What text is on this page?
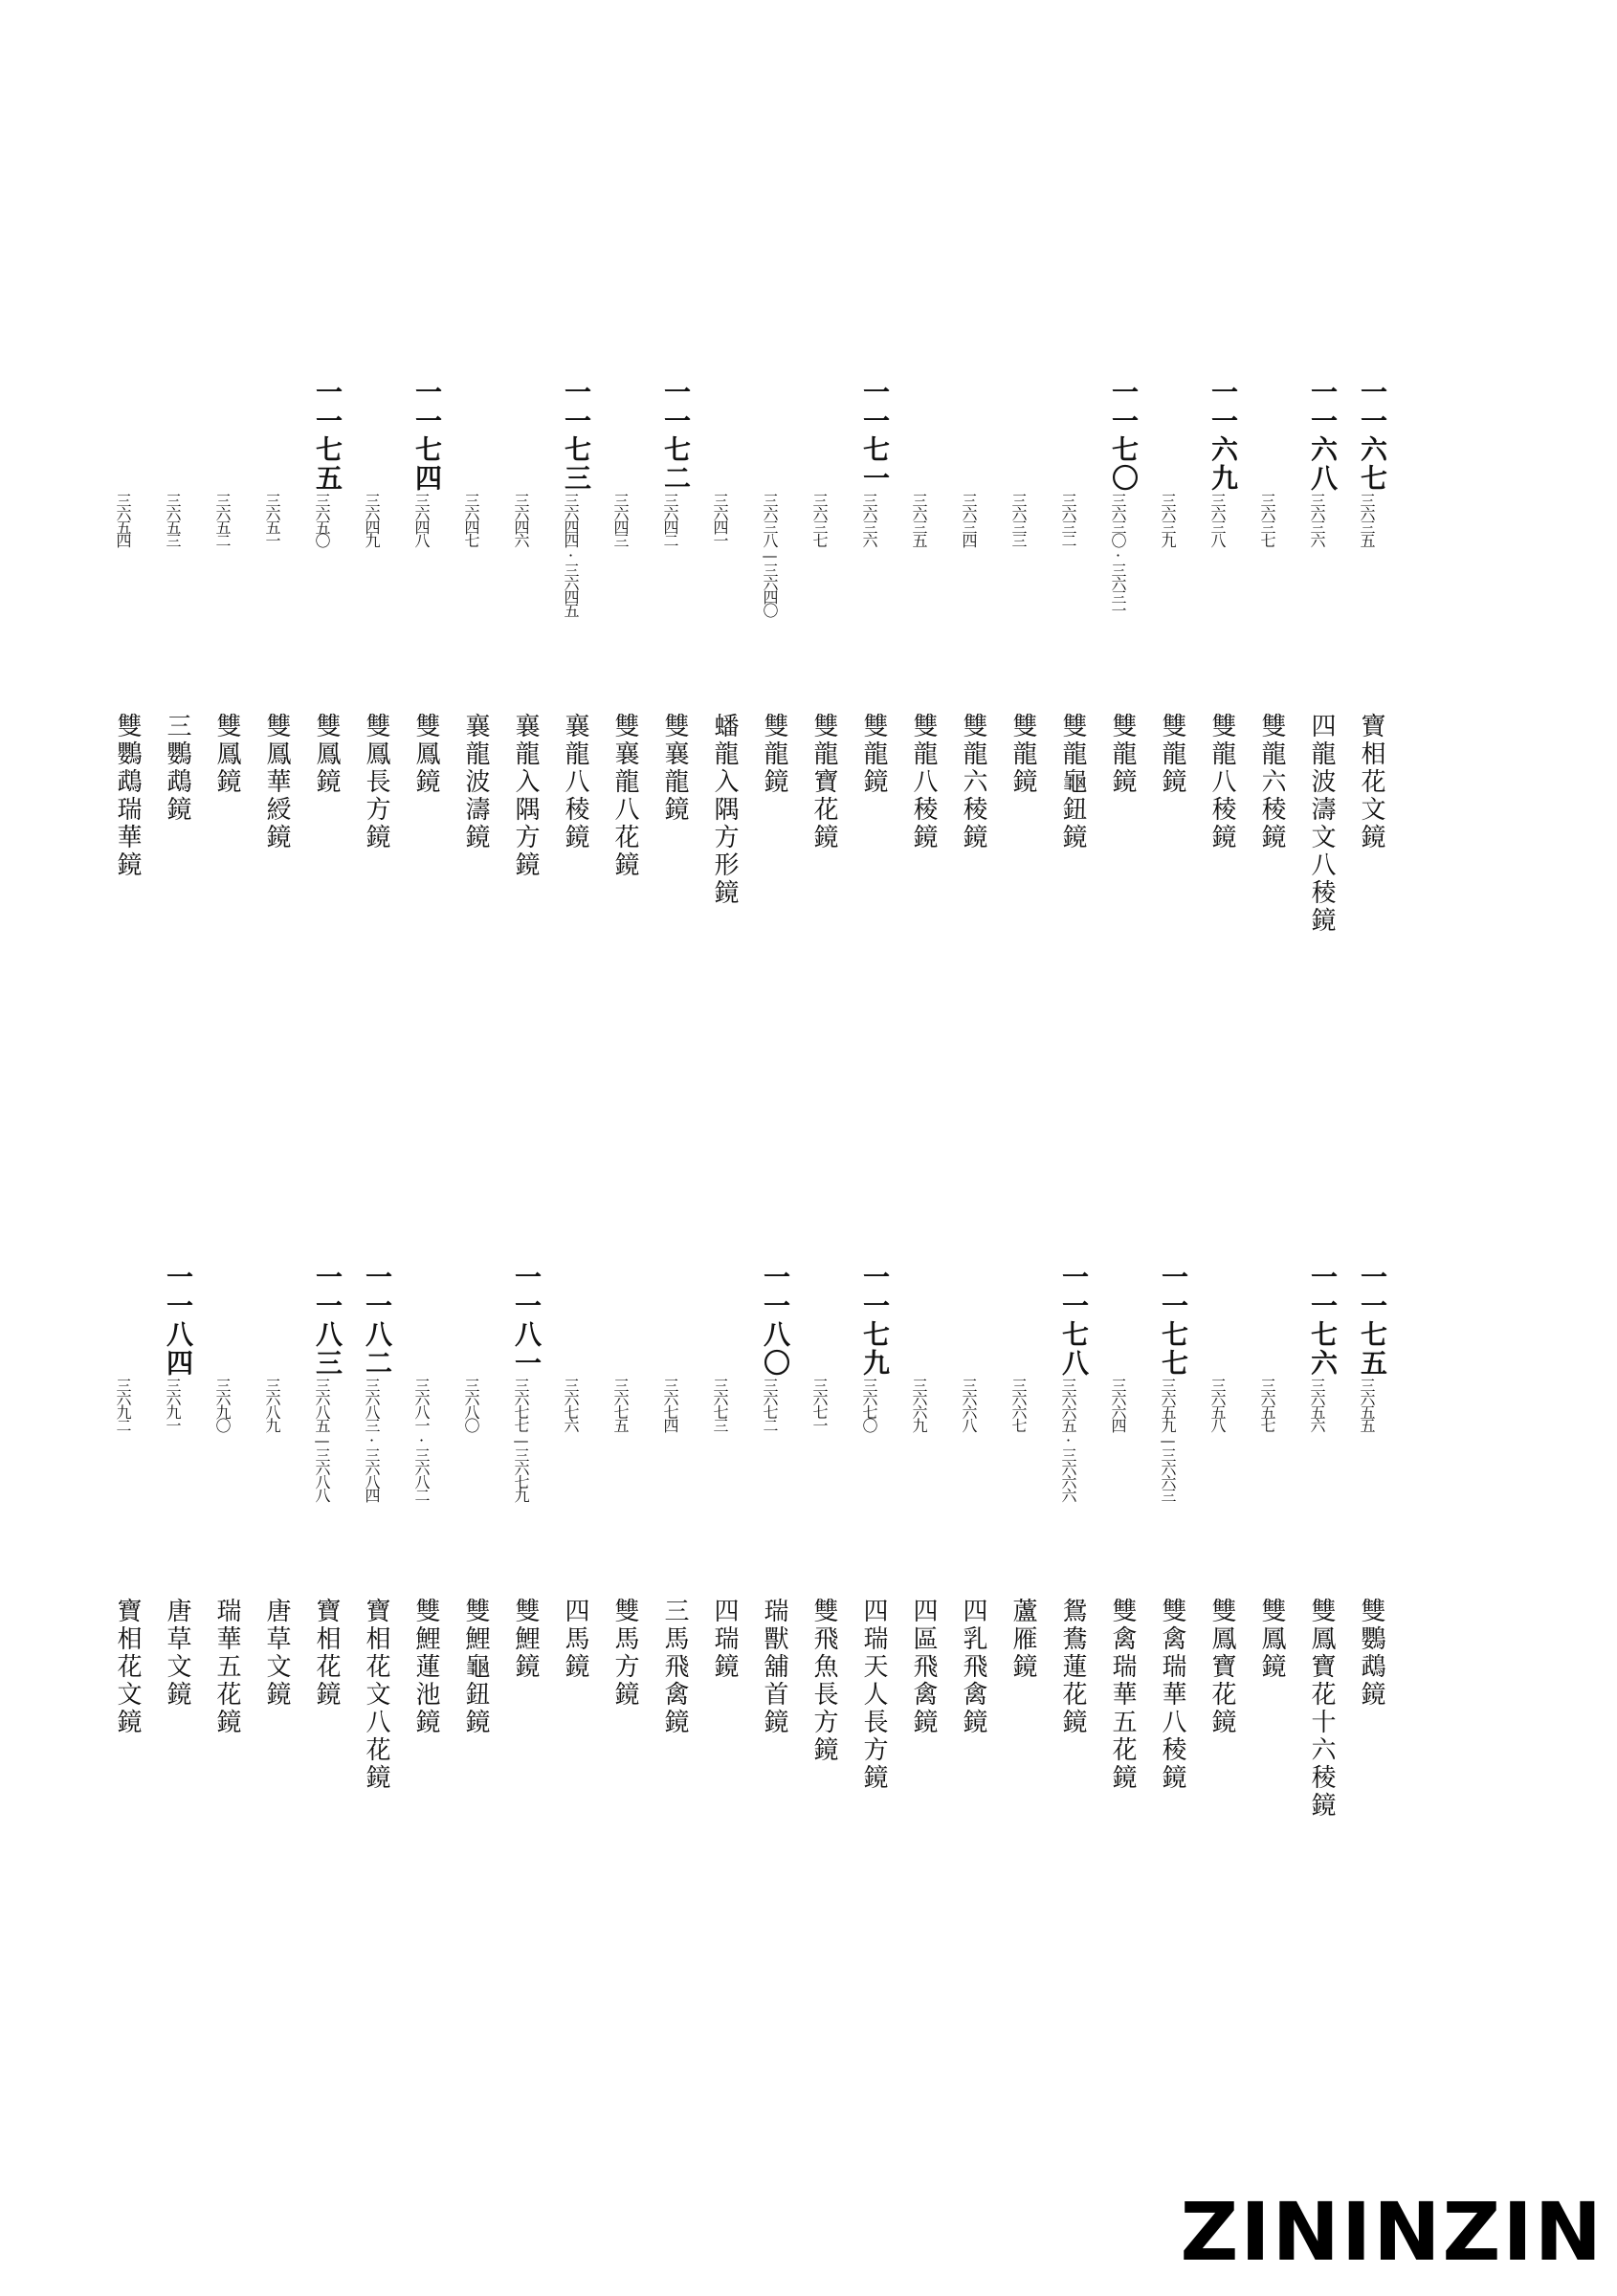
一一六七
三六三五
寶相花文鏡
一一六八
三六三六
四龍波濤文八稜鏡
三六三七
雙龍六稜鏡
一一六九
三六三八
雙龍八稜鏡
三六三九
雙龍鏡
一一七〇
三六三〇·三六三一
雙龍鏡
三六三二
雙龍龜鈕鏡
三六三三
雙龍鏡
三六三四
雙龍六稜鏡
三六三五
雙龍八稜鏡
一一七一
三六三六
雙龍鏡
三六三七
雙龍寶花鏡
三六三八—三六四〇
雙龍鏡
三六四一
蟠龍入隅方形鏡
一一七二
三六四二
雙襄龍鏡
三六四三
雙襄龍八花鏡
一一七三
三六四四·三六四五
襄龍八稜鏡
三六四六
襄龍入隅方鏡
三六四七
襄龍波濤鏡
一一七四
三六四八
雙鳳鏡
三六四九
雙鳳長方鏡
一一七五
三六五〇
雙鳳鏡
三六五一
雙鳳華綬鏡
三六五二
雙鳳鏡
三六五三
三鸚鵡鏡
三六五四
雙鸚鵡瑞華鏡
一一七五
三六五五
雙鸚鵡鏡
一一七六
三六五六
雙鳳寶花十六稜鏡
三六五七
雙鳳鏡
三六五八
雙鳳寶花鏡
一一七七
三六五九—三六六三
雙禽瑞華八稜鏡
三六六四
雙禽瑞華五花鏡
一一七八
三六六五·三六六六
鴛鴦蓮花鏡
三六六七
蘆雁鏡
三六六八
四乳飛禽鏡
三六六九
四區飛禽鏡
一一七九
三六七〇
四瑞天人長方鏡
三六七一
雙飛魚長方鏡
一一八〇
三六七二
瑞獸舖首鏡
三六七三
四瑞鏡
三六七四
三馬飛禽鏡
三六七五
雙馬方鏡
三六七六
四馬鏡
一一八一
三六七七—三六七九
雙鯉鏡
三六八〇
雙鯉龜鈕鏡
三六八一·三六八二
雙鯉蓮池鏡
一一八二
三六八三·三六八四
寶相花文八花鏡
一一八三
三六八五—三六八八
寶相花鏡
三六八九
唐草文鏡
三六九〇
瑞華五花鏡
一一八四
三六九一
唐草文鏡
三六九二
寶相花文鏡
ZININZIN
